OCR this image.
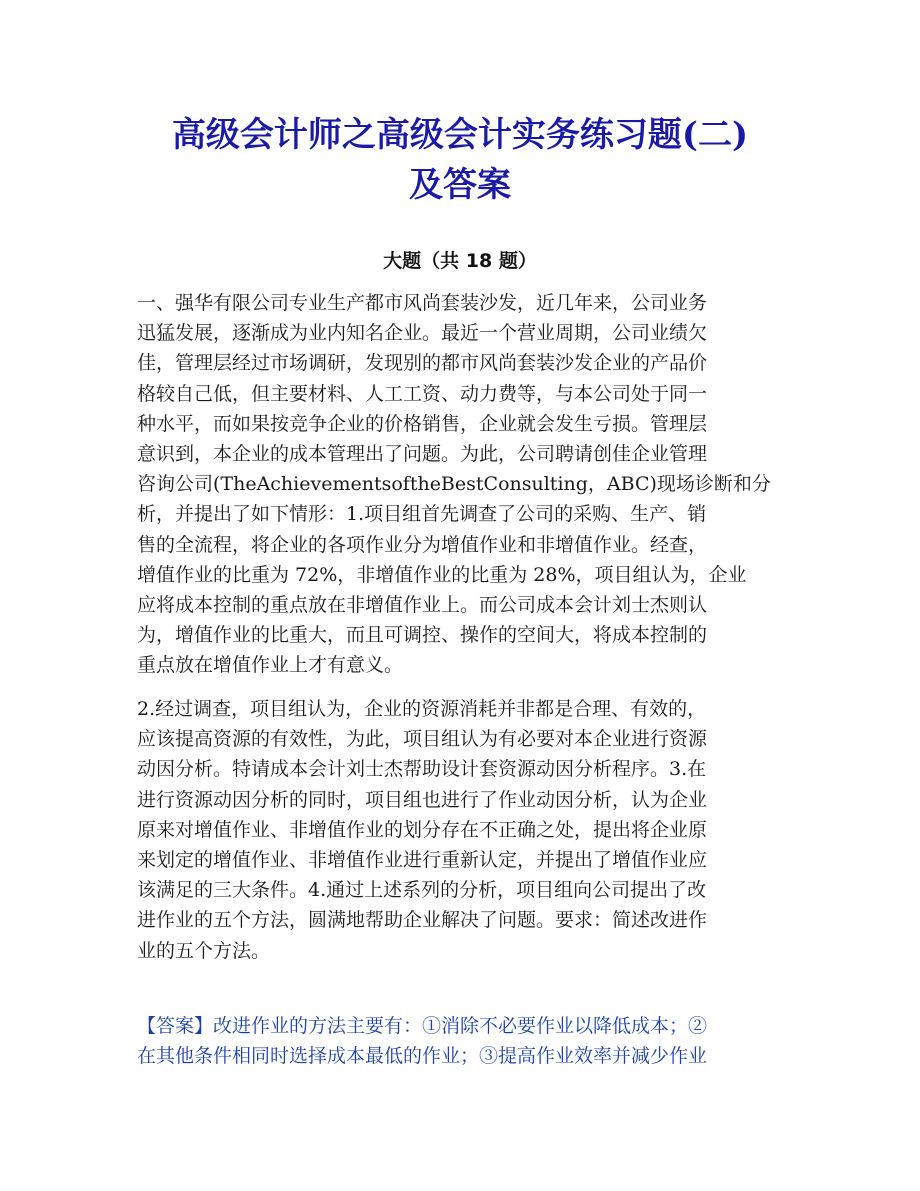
高级会计师之高级会计实务练习题(二)
及答案
大题（共 18 题）
一、强华有限公司专业生产都市风尚套装沙发，近几年来，公司业务
迅猛发展，逐渐成为业内知名企业。最近一个营业周期，公司业绩欠
佳，管理层经过市场调研，发现别的都市风尚套装沙发企业的产品价
格较自己低，但主要材料、人工工资、动力费等，与本公司处于同一
种水平，而如果按竞争企业的价格销售，企业就会发生亏损。管理层
意识到，本企业的成本管理出了问题。为此，公司聘请创佳企业管理
咨询公司(TheAchievementsoftheBestConsulting，ABC)现场诊断和分
析，并提出了如下情形：1.项目组首先调查了公司的采购、生产、销
售的全流程，将企业的各项作业分为增值作业和非增值作业。经查，
增值作业的比重为 72%，非增值作业的比重为 28%，项目组认为，企业
应将成本控制的重点放在非增值作业上。而公司成本会计刘士杰则认
为，增值作业的比重大，而且可调控、操作的空间大，将成本控制的
重点放在增值作业上才有意义。
2.经过调查，项目组认为，企业的资源消耗并非都是合理、有效的，
应该提高资源的有效性，为此，项目组认为有必要对本企业进行资源
动因分析。特请成本会计刘士杰帮助设计套资源动因分析程序。3.在
进行资源动因分析的同时，项目组也进行了作业动因分析，认为企业
原来对增值作业、非增值作业的划分存在不正确之处，提出将企业原
来划定的增值作业、非增值作业进行重新认定，并提出了增值作业应
该满足的三大条件。4.通过上述系列的分析，项目组向公司提出了改
进作业的五个方法，圆满地帮助企业解决了问题。要求：简述改进作
业的五个方法。
【答案】改进作业的方法主要有：①消除不必要作业以降低成本；②
在其他条件相同时选择成本最低的作业；③提高作业效率并减少作业
